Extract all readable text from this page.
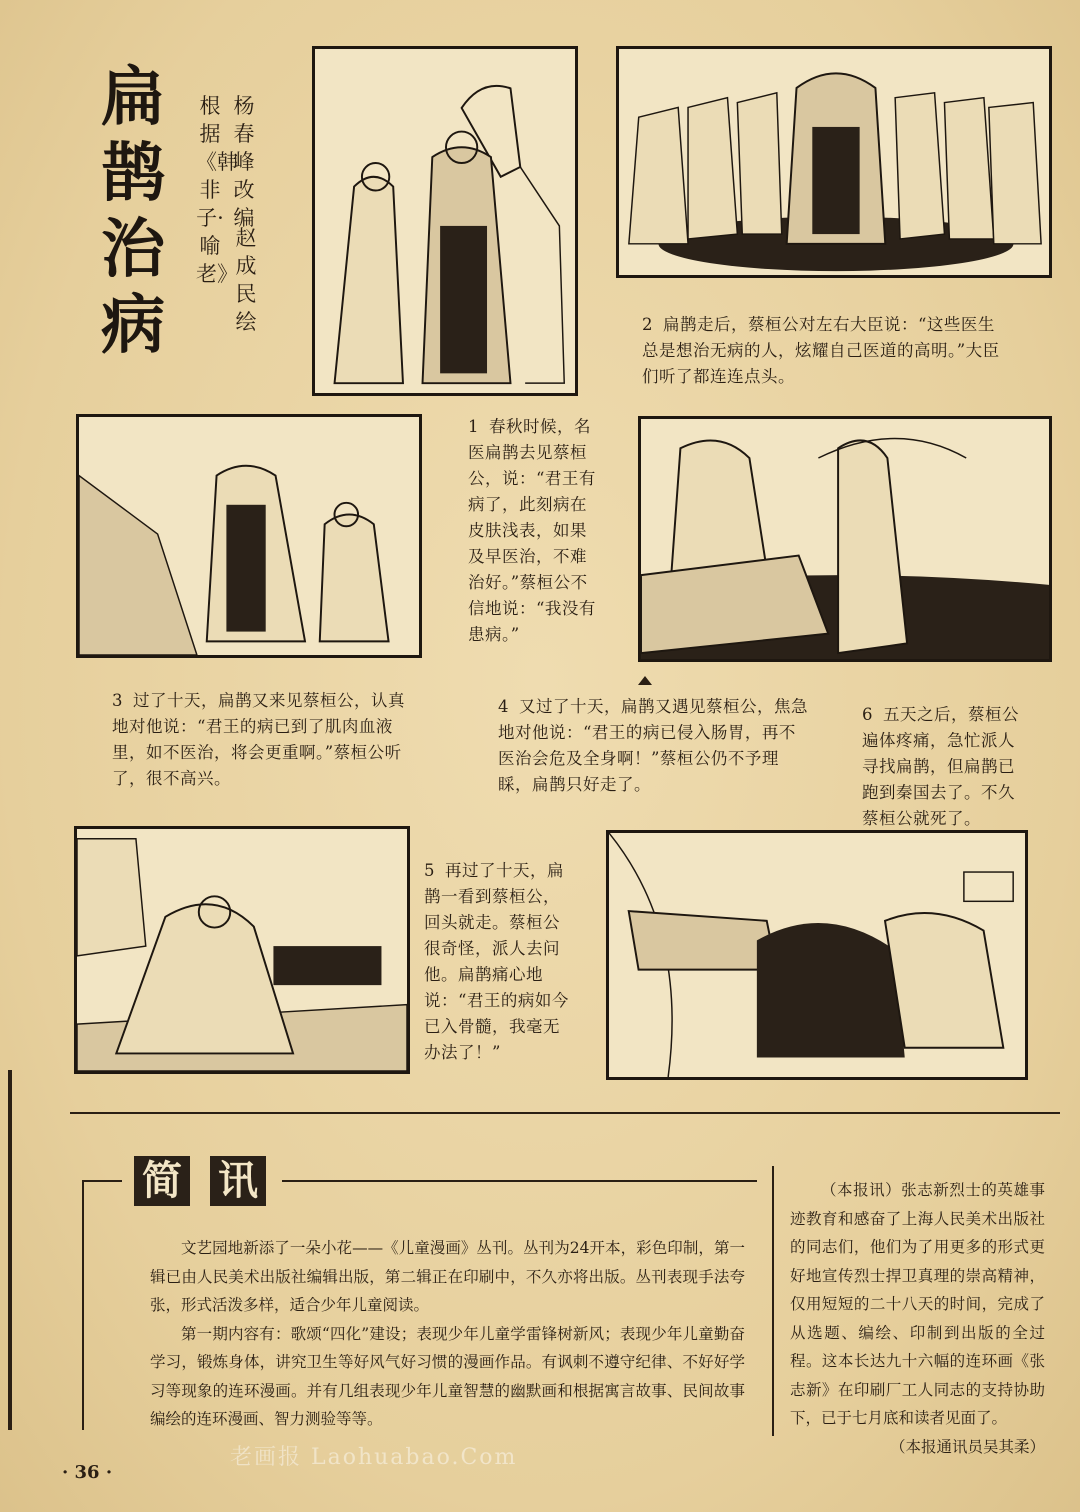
扁
鹊
治
病
杨春峰 改编
赵成民 绘
根据《韩非子·喻老》
2 扁鹊走后，蔡桓公对左右大臣说：“这些医生总是想治无病的人，炫耀自己医道的高明。”大臣们听了都连连点头。
1 春秋时候，名医扁鹊去见蔡桓公，说：“君王有病了，此刻病在皮肤浅表，如果及早医治，不难治好。”蔡桓公不信地说：“我没有患病。”
3 过了十天，扁鹊又来见蔡桓公，认真地对他说：“君王的病已到了肌肉血液里，如不医治，将会更重啊。”蔡桓公听了，很不高兴。
4 又过了十天，扁鹊又遇见蔡桓公，焦急地对他说：“君王的病已侵入肠胃，再不医治会危及全身啊！”蔡桓公仍不予理睬，扁鹊只好走了。
6 五天之后，蔡桓公遍体疼痛，急忙派人寻找扁鹊，但扁鹊已跑到秦国去了。不久蔡桓公就死了。
5 再过了十天，扁鹊一看到蔡桓公，回头就走。蔡桓公很奇怪，派人去问他。扁鹊痛心地说：“君王的病如今已入骨髓，我毫无办法了！”
简 讯

文艺园地新添了一朵小花——《儿童漫画》丛刊。丛刊为24开本，彩色印制，第一辑已由人民美术出版社编辑出版，第二辑正在印刷中，不久亦将出版。丛刊表现手法夸张，形式活泼多样，适合少年儿童阅读。

第一期内容有：歌颂“四化”建设；表现少年儿童学雷锋树新风；表现少年儿童勤奋学习，锻炼身体，讲究卫生等好风气好习惯的漫画作品。有讽刺不遵守纪律、不好好学习等现象的连环漫画。并有几组表现少年儿童智慧的幽默画和根据寓言故事、民间故事编绘的连环漫画、智力测验等等。

（本报讯）张志新烈士的英雄事迹教育和感奋了上海人民美术出版社的同志们，他们为了用更多的形式更好地宣传烈士捍卫真理的崇高精神，仅用短短的二十八天的时间，完成了从选题、编绘、印制到出版的全过程。这本长达九十六幅的连环画《张志新》在印刷厂工人同志的支持协助下，已于七月底和读者见面了。

（本报通讯员吴其柔）

· 36 ·
老画报 Laohuabao.Com
